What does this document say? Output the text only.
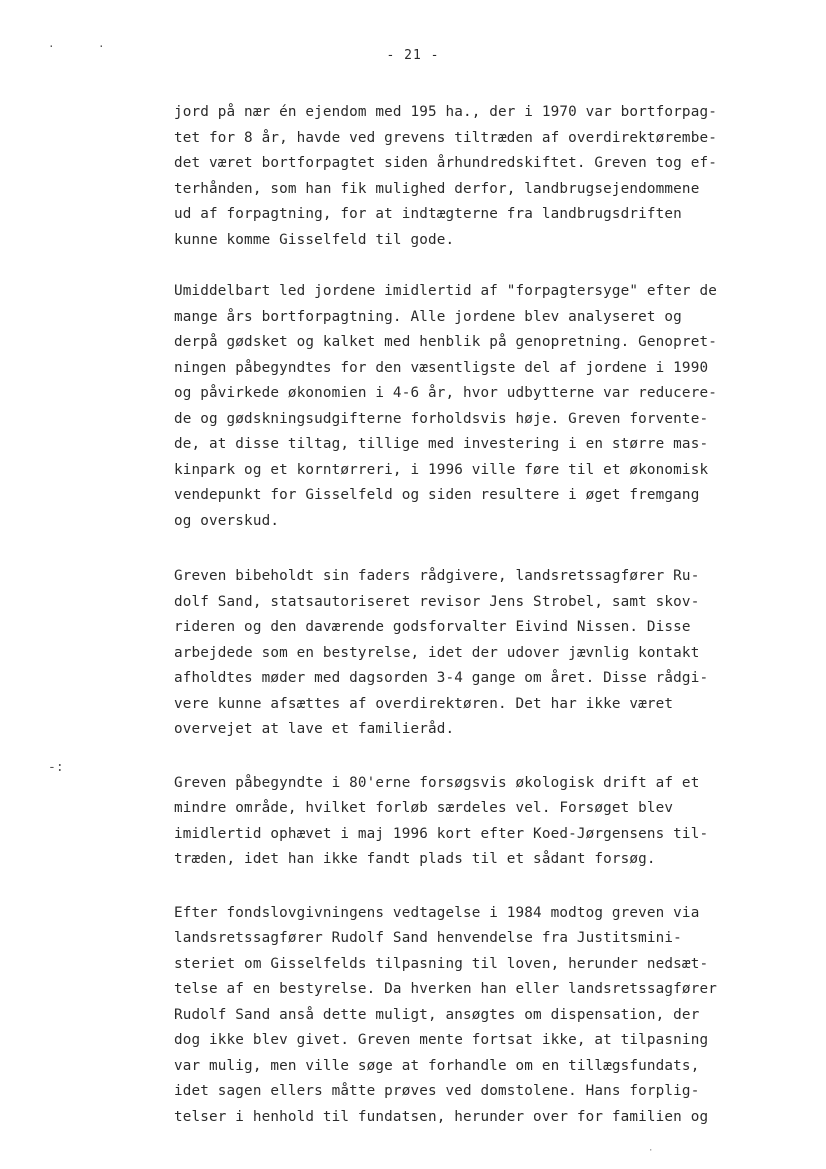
·	·
-:
·
- 21 -

jord på nær én ejendom med 195 ha., der i 1970 var bortforpag-
tet for 8 år, havde ved grevens tiltræden af overdirektørembe-
det været bortforpagtet siden århundredskiftet. Greven tog ef-
terhånden, som han fik mulighed derfor, landbrugsejendommene
ud af forpagtning, for at indtægterne fra landbrugsdriften
kunne komme Gisselfeld til gode.

Umiddelbart led jordene imidlertid af "forpagtersyge" efter de
mange års bortforpagtning. Alle jordene blev analyseret og
derpå gødsket og kalket med henblik på genopretning. Genopret-
ningen påbegyndtes for den væsentligste del af jordene i 1990
og påvirkede økonomien i 4-6 år, hvor udbytterne var reducere-
de og gødskningsudgifterne forholdsvis høje. Greven forvente-
de, at disse tiltag, tillige med investering i en større mas-
kinpark og et korntørreri, i 1996 ville føre til et økonomisk
vendepunkt for Gisselfeld og siden resultere i øget fremgang
og overskud.

Greven bibeholdt sin faders rådgivere, landsretssagfører Ru-
dolf Sand, statsautoriseret revisor Jens Strobel, samt skov-
rideren og den daværende godsforvalter Eivind Nissen. Disse
arbejdede som en bestyrelse, idet der udover jævnlig kontakt
afholdtes møder med dagsorden 3-4 gange om året. Disse rådgi-
vere kunne afsættes af overdirektøren. Det har ikke været
overvejet at lave et familieråd.

Greven påbegyndte i 80'erne forsøgsvis økologisk drift af et
mindre område, hvilket forløb særdeles vel. Forsøget blev
imidlertid ophævet i maj 1996 kort efter Koed-Jørgensens til-
træden, idet han ikke fandt plads til et sådant forsøg.

Efter fondslovgivningens vedtagelse i 1984 modtog greven via
landsretssagfører Rudolf Sand henvendelse fra Justitsmini-
steriet om Gisselfelds tilpasning til loven, herunder nedsæt-
telse af en bestyrelse. Da hverken han eller landsretssagfører
Rudolf Sand anså dette muligt, ansøgtes om dispensation, der
dog ikke blev givet. Greven mente fortsat ikke, at tilpasning
var mulig, men ville søge at forhandle om en tillægsfundats,
idet sagen ellers måtte prøves ved domstolene. Hans forplig-
telser i henhold til fundatsen, herunder over for familien og
